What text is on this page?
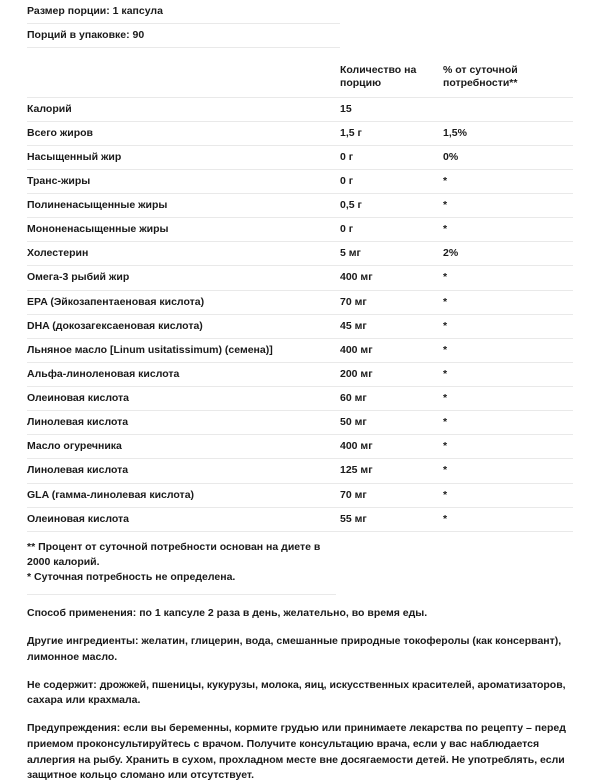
Размер порции: 1 капсула		
Порций в упаковке: 90		

	Количество на порцию	% от суточной потребности**
Калорий	15	
Всего жиров	1,5 г	1,5%
Насыщенный жир	0 г	0%
Транс-жиры	0 г	*
Полиненасыщенные жиры	0,5 г	*
Мононенасыщенные жиры	0 г	*
Холестерин	5 мг	2%
Омега-3 рыбий жир	400 мг	*
EPA (Эйкозапентаеновая кислота)	70 мг	*
DHA (докозагексаеновая кислота)	45 мг	*
Льняное масло [Linum usitatissimum) (семена)]	400 мг	*
Альфа-линоленовая кислота	200 мг	*
Олеиновая кислота	60 мг	*
Линолевая кислота	50 мг	*
Масло огуречника	400 мг	*
Линолевая кислота	125 мг	*
GLA (гамма-линолевая кислота)	70 мг	*
Олеиновая кислота	55 мг	*
** Процент от суточной потребности основан на диете в 2000 калорий.
* Суточная потребность не определена.

Способ применения: по 1 капсуле 2 раза в день, желательно, во время еды.

Другие ингредиенты: желатин, глицерин, вода, смешанные природные токоферолы (как консервант), лимонное масло.

Не содержит: дрожжей, пшеницы, кукурузы, молока, яиц, искусственных красителей, ароматизаторов, сахара или крахмала.

Предупреждения: если вы беременны, кормите грудью или принимаете лекарства по рецепту – перед приемом проконсультируйтесь с врачом. Получите консультацию врача, если у вас наблюдается аллергия на рыбу. Хранить в сухом, прохладном месте вне досягаемости детей. Не употреблять, если защитное кольцо сломано или отсутствует.
